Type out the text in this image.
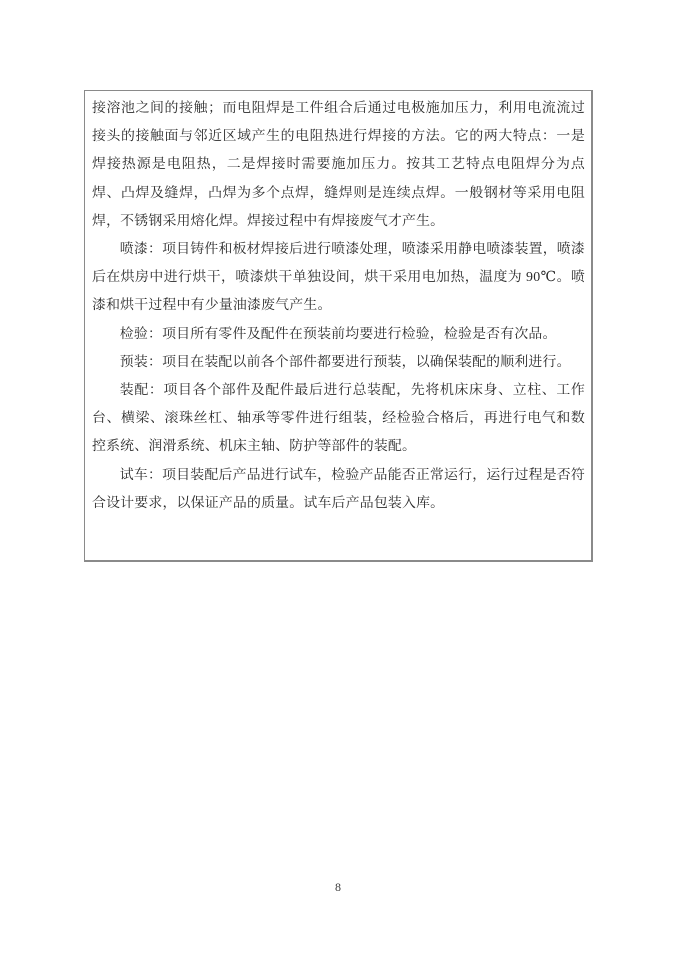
接溶池之间的接触；而电阻焊是工件组合后通过电极施加压力，利用电流流过接头的接触面与邻近区域产生的电阻热进行焊接的方法。它的两大特点：一是焊接热源是电阻热，二是焊接时需要施加压力。按其工艺特点电阻焊分为点焊、凸焊及缝焊，凸焊为多个点焊，缝焊则是连续点焊。一般钢材等采用电阻焊，不锈钢采用熔化焊。焊接过程中有焊接废气才产生。

喷漆：项目铸件和板材焊接后进行喷漆处理，喷漆采用静电喷漆装置，喷漆后在烘房中进行烘干，喷漆烘干单独设间，烘干采用电加热，温度为 90℃。喷漆和烘干过程中有少量油漆废气产生。

检验：项目所有零件及配件在预装前均要进行检验，检验是否有次品。

预装：项目在装配以前各个部件都要进行预装，以确保装配的顺利进行。

装配：项目各个部件及配件最后进行总装配，先将机床床身、立柱、工作台、横梁、滚珠丝杠、轴承等零件进行组装，经检验合格后，再进行电气和数控系统、润滑系统、机床主轴、防护等部件的装配。

试车：项目装配后产品进行试车，检验产品能否正常运行，运行过程是否符合设计要求，以保证产品的质量。试车后产品包装入库。

8
